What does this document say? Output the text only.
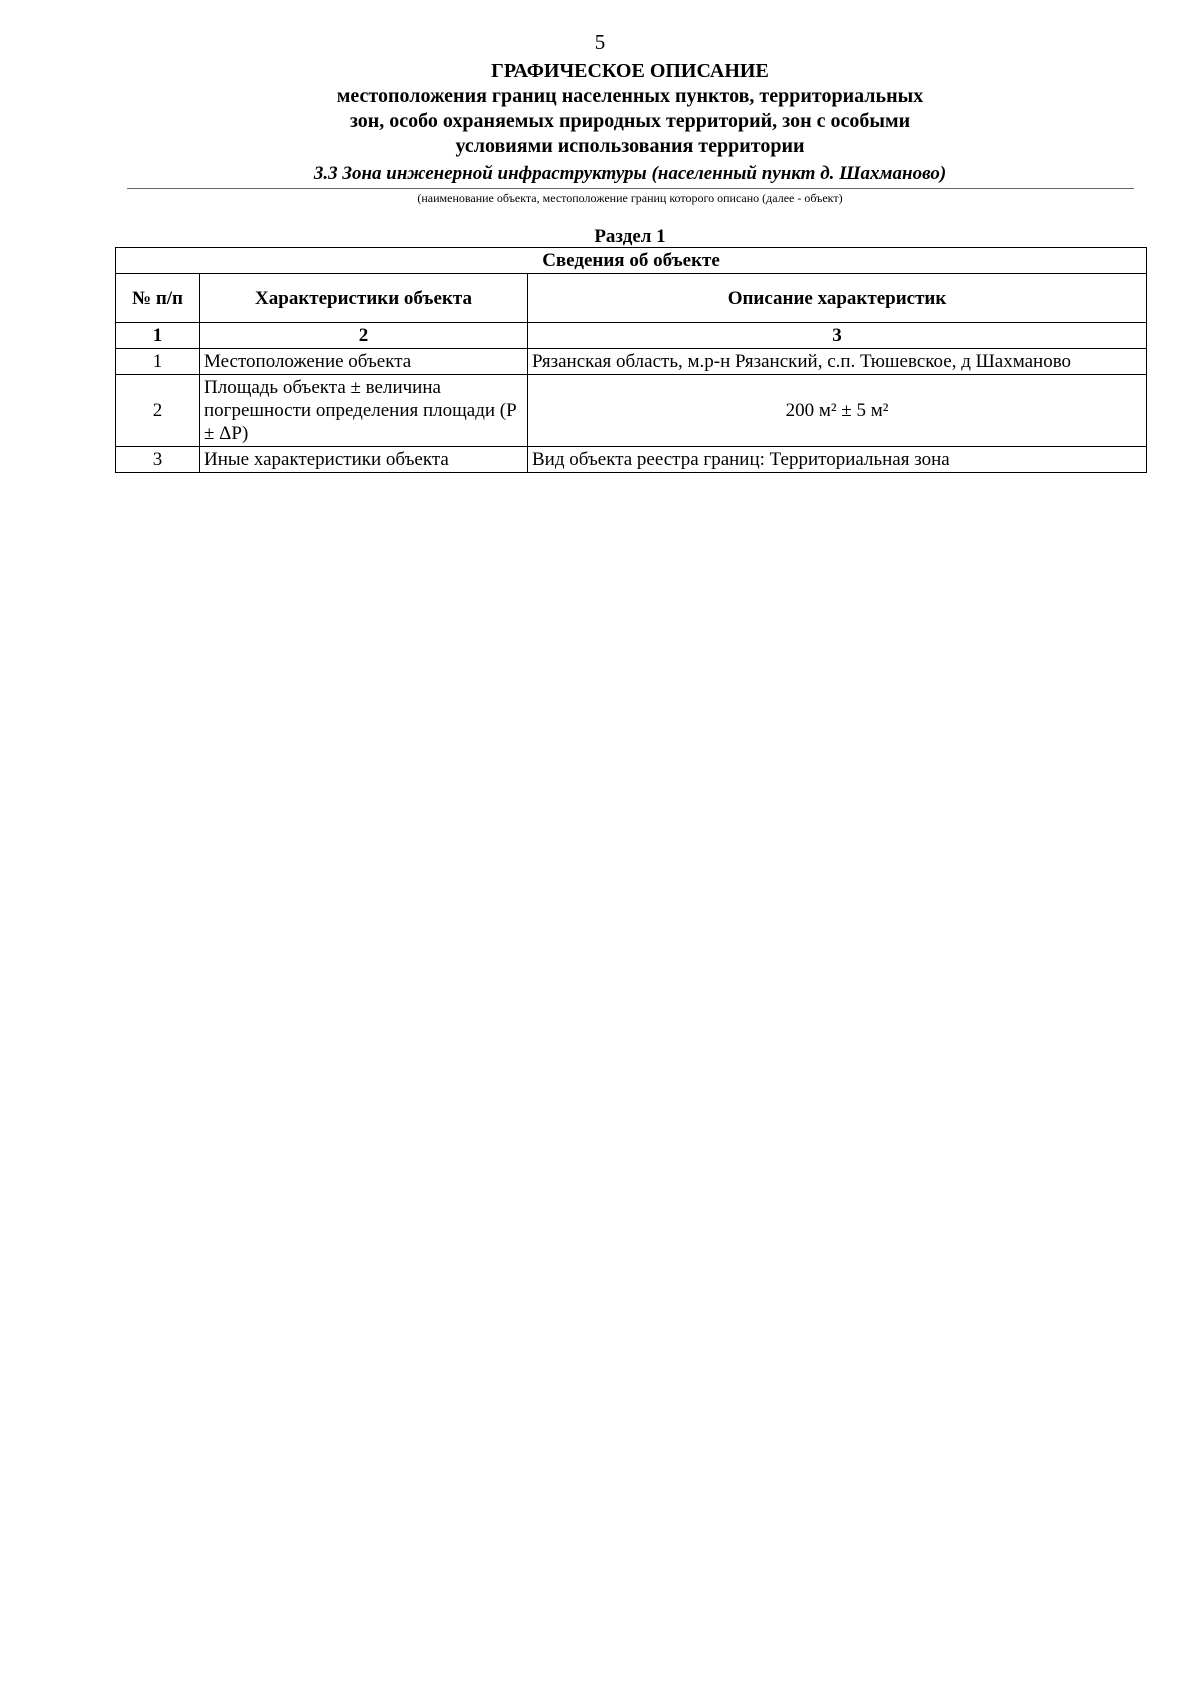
5
ГРАФИЧЕСКОЕ ОПИСАНИЕ
местоположения границ населенных пунктов, территориальных
зон, особо охраняемых природных территорий, зон с особыми
условиями использования территории
3.3 Зона инженерной инфраструктуры (населенный пункт д. Шахманово)
(наименование объекта, местоположение границ которого описано (далее - объект)
Раздел 1
Сведения об объекте		
№ п/п	Характеристики объекта	Описание характеристик
1	2	3
1	Местоположение объекта	Рязанская область, м.р-н Рязанский, с.п. Тюшевское, д Шахманово
2	Площадь объекта ± величина погрешности определения площади (Р ± ΔР)	200 м² ± 5 м²
3	Иные характеристики объекта	Вид объекта реестра границ: Территориальная зона
